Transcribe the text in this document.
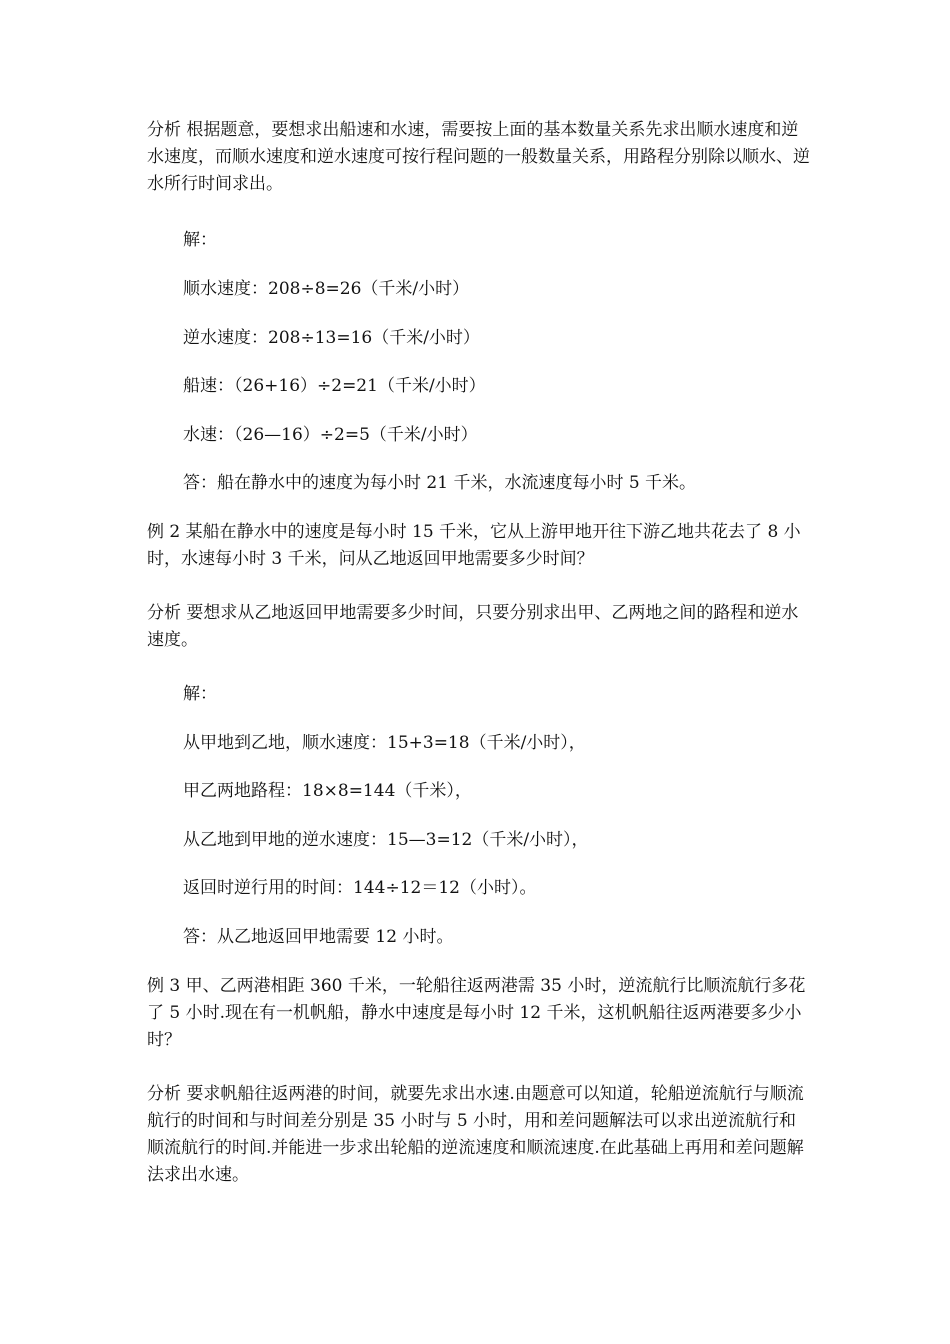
分析 根据题意，要想求出船速和水速，需要按上面的基本数量关系先求出顺水速度和逆水速度，而顺水速度和逆水速度可按行程问题的一般数量关系，用路程分别除以顺水、逆水所行时间求出。

解：

顺水速度：208÷8=26（千米/小时）

逆水速度：208÷13=16（千米/小时）

船速：（26+16）÷2=21（千米/小时）

水速：（26—16）÷2=5（千米/小时）

答：船在静水中的速度为每小时 21 千米，水流速度每小时 5 千米。

例 2 某船在静水中的速度是每小时 15 千米，它从上游甲地开往下游乙地共花去了 8 小时，水速每小时 3 千米，问从乙地返回甲地需要多少时间？

分析 要想求从乙地返回甲地需要多少时间，只要分别求出甲、乙两地之间的路程和逆水速度。

解：

从甲地到乙地，顺水速度：15+3=18（千米/小时），

甲乙两地路程：18×8=144（千米），

从乙地到甲地的逆水速度：15—3=12（千米/小时），

返回时逆行用的时间：144÷12＝12（小时）。

答：从乙地返回甲地需要 12 小时。

例 3 甲、乙两港相距 360 千米，一轮船往返两港需 35 小时，逆流航行比顺流航行多花了 5 小时.现在有一机帆船，静水中速度是每小时 12 千米，这机帆船往返两港要多少小时？

分析 要求帆船往返两港的时间，就要先求出水速.由题意可以知道，轮船逆流航行与顺流航行的时间和与时间差分别是 35 小时与 5 小时，用和差问题解法可以求出逆流航行和顺流航行的时间.并能进一步求出轮船的逆流速度和顺流速度.在此基础上再用和差问题解法求出水速。
